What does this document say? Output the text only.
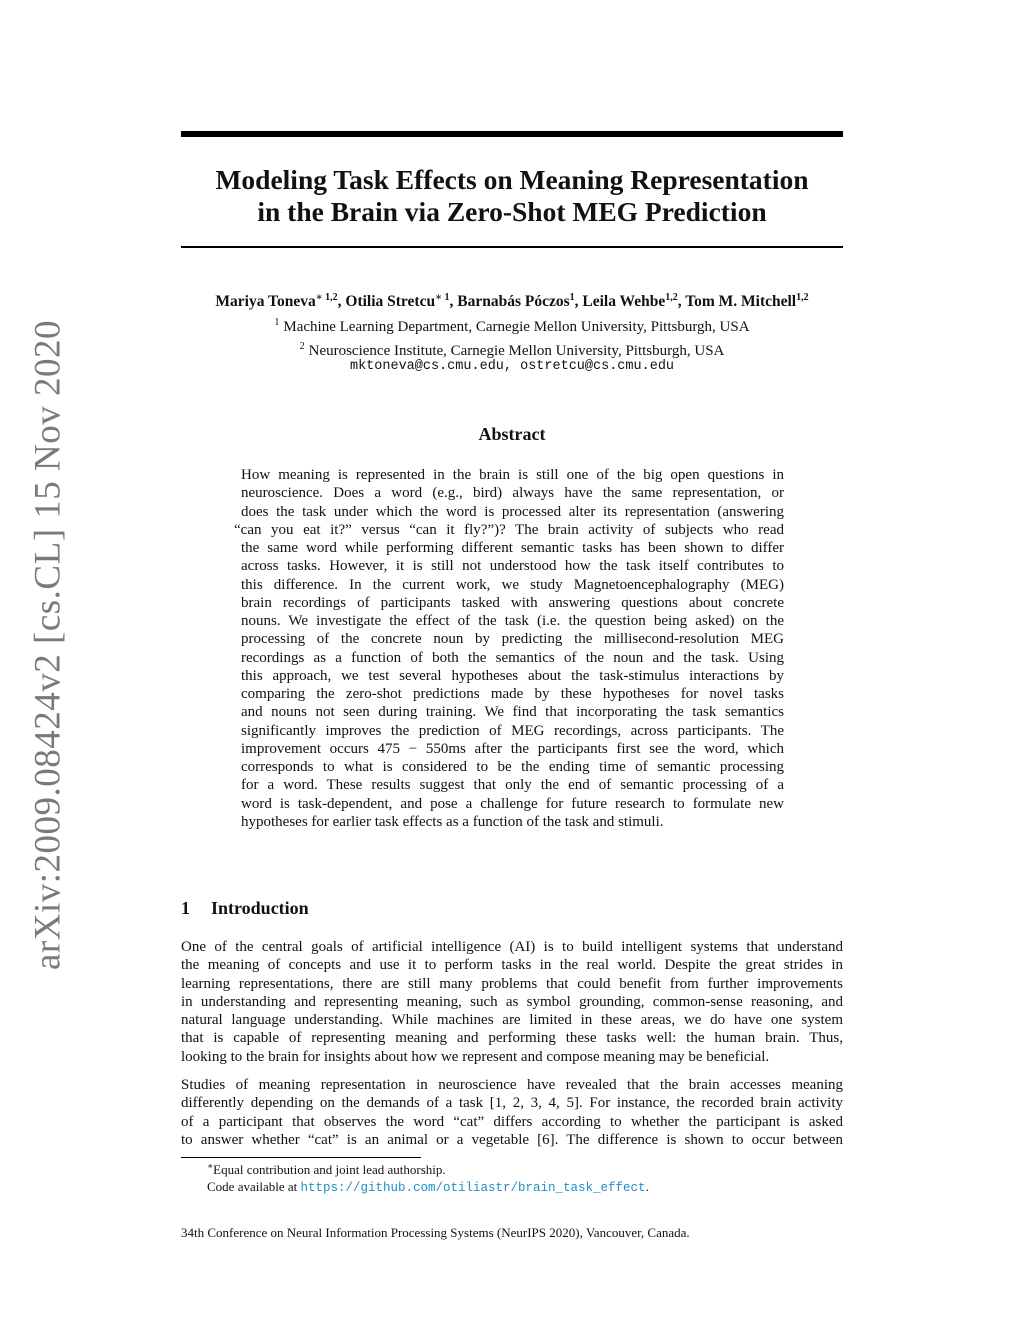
arXiv:2009.08424v2 [cs.CL] 15 Nov 2020
Modeling Task Effects on Meaning Representation
in the Brain via Zero-Shot MEG Prediction
Mariya Toneva$^{∗ 1,2}$, Otilia Stretcu$^{∗ 1}$, Barnabás Póczos$^1$, Leila Wehbe$^{1,2}$, Tom M. Mitchell$^{1,2}$
$^1$ Machine Learning Department, Carnegie Mellon University, Pittsburgh, USA
$^2$ Neuroscience Institute, Carnegie Mellon University, Pittsburgh, USA
mktoneva@cs.cmu.edu, ostretcu@cs.cmu.edu
Abstract
How meaning is represented in the brain is still one of the big open questions in
neuroscience. Does a word (e.g., bird) always have the same representation, or
does the task under which the word is processed alter its representation (answering
“can you eat it?” versus “can it fly?”)? The brain activity of subjects who read
the same word while performing different semantic tasks has been shown to differ
across tasks. However, it is still not understood how the task itself contributes to
this difference. In the current work, we study Magnetoencephalography (MEG)
brain recordings of participants tasked with answering questions about concrete
nouns. We investigate the effect of the task (i.e. the question being asked) on the
processing of the concrete noun by predicting the millisecond-resolution MEG
recordings as a function of both the semantics of the noun and the task. Using
this approach, we test several hypotheses about the task-stimulus interactions by
comparing the zero-shot predictions made by these hypotheses for novel tasks
and nouns not seen during training. We find that incorporating the task semantics
significantly improves the prediction of MEG recordings, across participants. The
improvement occurs 475 − 550ms after the participants first see the word, which
corresponds to what is considered to be the ending time of semantic processing
for a word. These results suggest that only the end of semantic processing of a
word is task-dependent, and pose a challenge for future research to formulate new
hypotheses for earlier task effects as a function of the task and stimuli.
1 Introduction
One of the central goals of artificial intelligence (AI) is to build intelligent systems that understand
the meaning of concepts and use it to perform tasks in the real world. Despite the great strides in
learning representations, there are still many problems that could benefit from further improvements
in understanding and representing meaning, such as symbol grounding, common-sense reasoning, and
natural language understanding. While machines are limited in these areas, we do have one system
that is capable of representing meaning and performing these tasks well: the human brain. Thus,
looking to the brain for insights about how we represent and compose meaning may be beneficial.
Studies of meaning representation in neuroscience have revealed that the brain accesses meaning
differently depending on the demands of a task [1, 2, 3, 4, 5]. For instance, the recorded brain activity
of a participant that observes the word “cat” differs according to whether the participant is asked
to answer whether “cat” is an animal or a vegetable [6]. The difference is shown to occur between
∗Equal contribution and joint lead authorship.
Code available at https://github.com/otiliastr/brain_task_effect.
34th Conference on Neural Information Processing Systems (NeurIPS 2020), Vancouver, Canada.
